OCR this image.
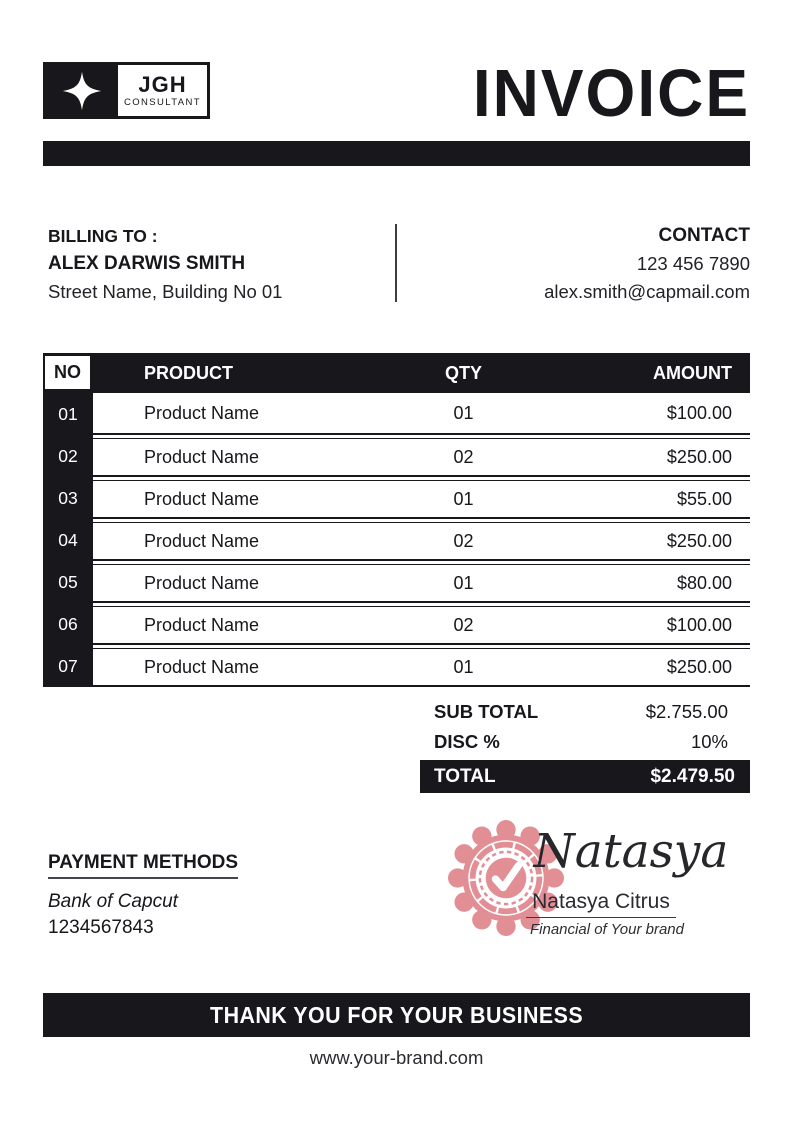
JGH
CONSULTANT	INVOICE
BILLING TO :
ALEX DARWIS SMITH
Street Name, Building No 01
CONTACT
123 456 7890
alex.smith@capmail.com
NO	PRODUCT	QTY	AMOUNT
01	Product Name	01	$100.00
02	Product Name	02	$250.00
03	Product Name	01	$55.00
04	Product Name	02	$250.00
05	Product Name	01	$80.00
06	Product Name	02	$100.00
07	Product Name	01	$250.00
SUB TOTAL	$2.755.00
DISC %	10%
TOTAL	$2.479.50
PAYMENT METHODS
Bank of Capcut
1234567843
Natasya
Natasya Citrus
Financial of Your brand
THANK YOU FOR YOUR BUSINESS
www.your-brand.com
